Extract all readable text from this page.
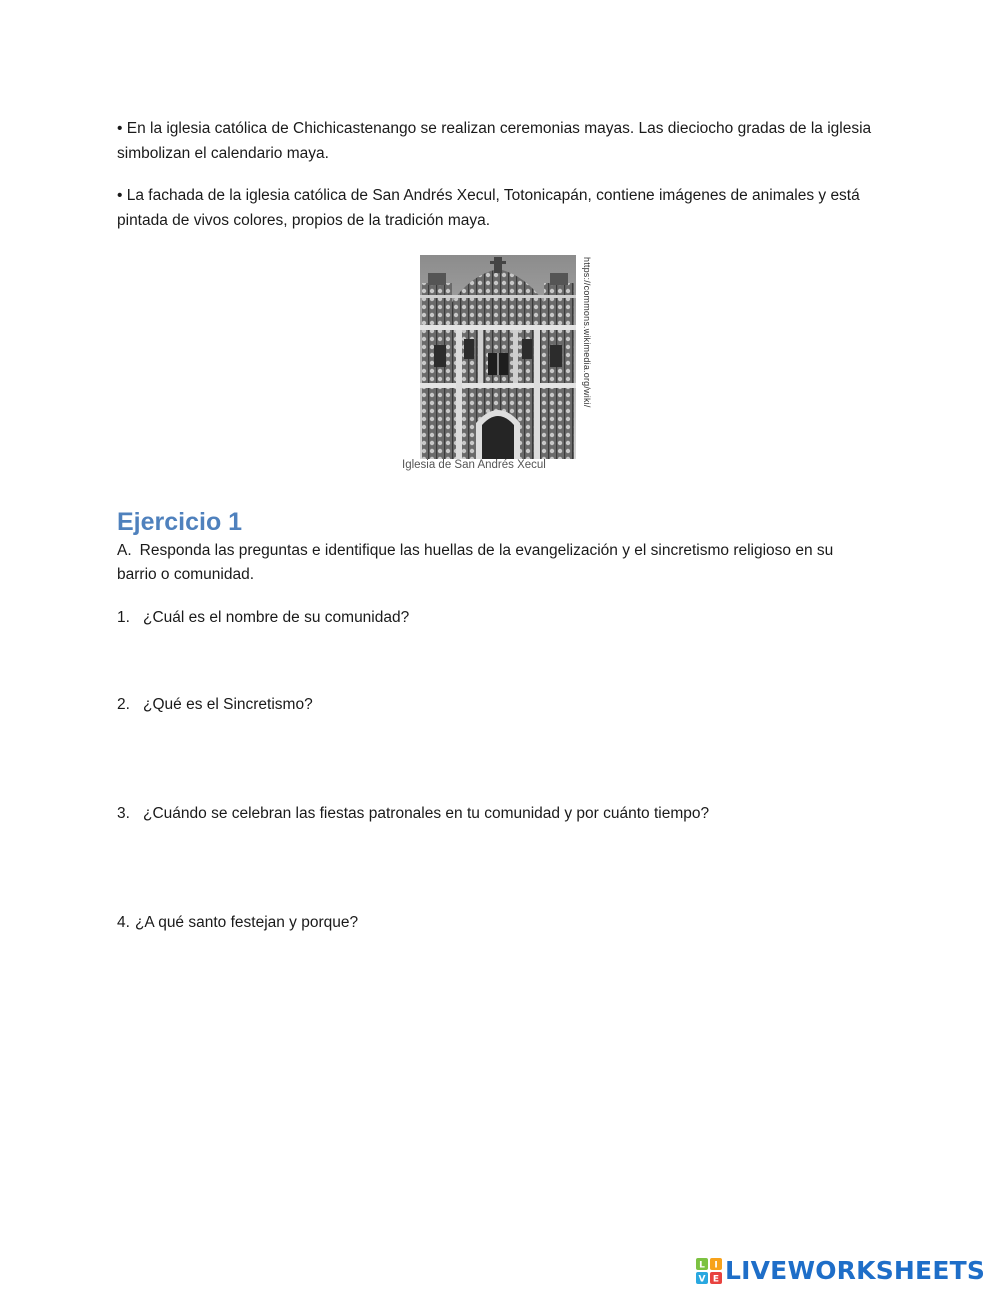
• En la iglesia católica de Chichicastenango se realizan ceremonias mayas. Las dieciocho gradas de la iglesia simbolizan el calendario maya.

• La fachada de la iglesia católica de San Andrés Xecul, Totonicapán, contiene imágenes de animales y está pintada de vivos colores, propios de la tradición maya.

https://commons.wikimedia.org/wiki/
Iglesia de San Andrés Xecul
Ejercicio 1

A. Responda las preguntas e identifique las huellas de la evangelización y el sincretismo religioso en su barrio o comunidad.

1. ¿Cuál es el nombre de su comunidad?

2. ¿Qué es el Sincretismo?

3. ¿Cuándo se celebran las fiestas patronales en tu comunidad y por cuánto tiempo?

4. ¿A qué santo festejan y porque?

L I
V E LIVEWORKSHEETS
